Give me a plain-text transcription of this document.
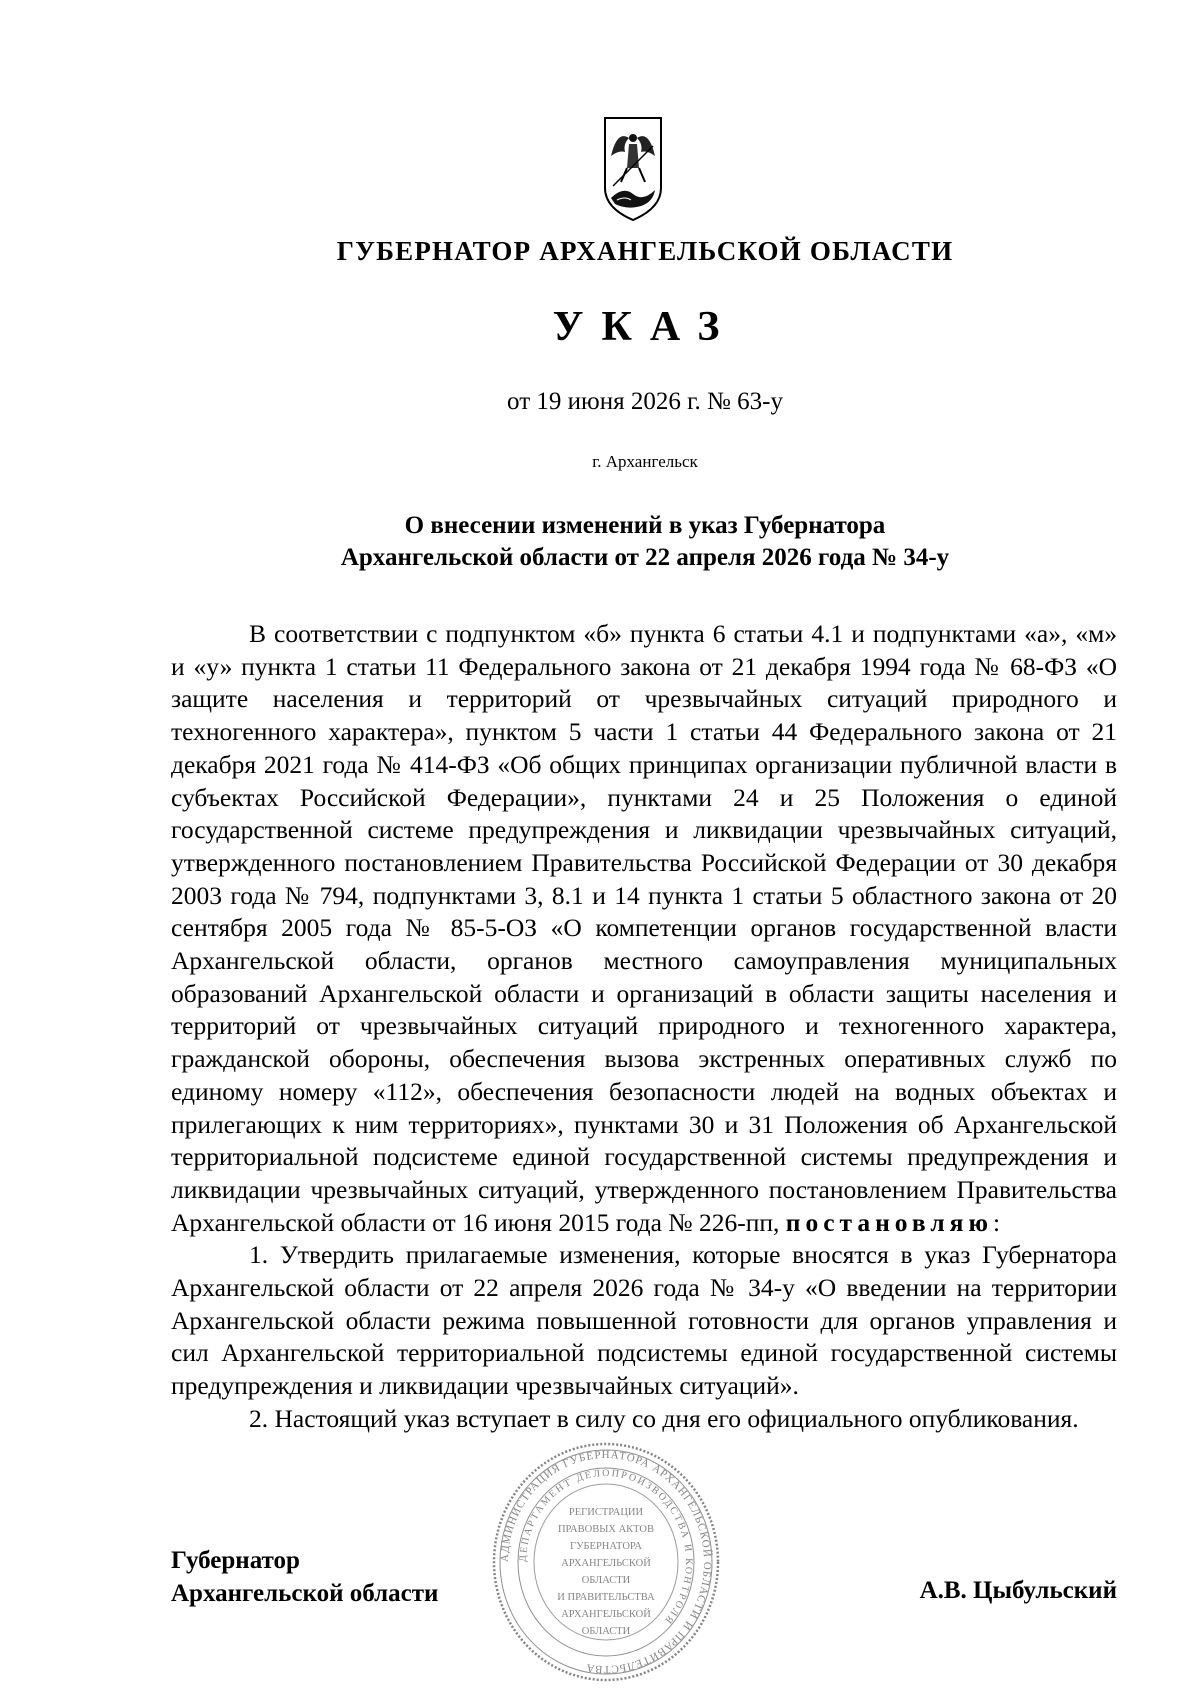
ГУБЕРНАТОР АРХАНГЕЛЬСКОЙ ОБЛАСТИ
УКАЗ
от 19 июня 2026 г. № 63-у
г. Архангельск
О внесении изменений в указ Губернатора
Архангельской области от 22 апреля 2026 года № 34-у

В соответствии с подпунктом «б» пункта 6 статьи 4.1 и подпунктами «а», «м» и «у» пункта 1 статьи 11 Федерального закона от 21 декабря 1994 года № 68-ФЗ «О защите населения и территорий от чрезвычайных ситуаций природного и техногенного характера», пунктом 5 части 1 статьи 44 Федерального закона от 21 декабря 2021 года № 414-ФЗ «Об общих принципах организации публичной власти в субъектах Российской Федерации», пунктами 24 и 25 Положения о единой государственной системе предупреждения и ликвидации чрезвычайных ситуаций, утвержденного постановлением Правительства Российской Федерации от 30 декабря 2003 года № 794, подпунктами 3, 8.1 и 14 пункта 1 статьи 5 областного закона от 20 сентября 2005 года № 85-5-ОЗ «О компетенции органов государственной власти Архангельской области, органов местного самоуправления муниципальных образований Архангельской области и организаций в области защиты населения и территорий от чрезвычайных ситуаций природного и техногенного характера, гражданской обороны, обеспечения вызова экстренных оперативных служб по единому номеру «112», обеспечения безопасности людей на водных объектах и прилегающих к ним территориях», пунктами 30 и 31 Положения об Архангельской территориальной подсистеме единой государственной системы предупреждения и ликвидации чрезвычайных ситуаций, утвержденного постановлением Правительства Архангельской области от 16 июня 2015 года № 226-пп, постановляю:

1. Утвердить прилагаемые изменения, которые вносятся в указ Губернатора Архангельской области от 22 апреля 2026 года № 34-у «О введении на территории Архангельской области режима повышенной готовности для органов управления и сил Архангельской территориальной подсистемы единой государственной системы предупреждения и ликвидации чрезвычайных ситуаций».

2. Настоящий указ вступает в силу со дня его официального опубликования.

Губернатор
Архангельской области	А.В. Цыбульский
АДМИНИСТРАЦИЯ ГУБЕРНАТОРА АРХАНГЕЛЬСКОЙ ОБЛАСТИ И ПРАВИТЕЛЬСТВА
ДЕПАРТАМЕНТ ДЕЛОПРОИЗВОДСТВА И КОНТРОЛЯ
РЕГИСТРАЦИИ
ПРАВОВЫХ АКТОВ
ГУБЕРНАТОРА
АРХАНГЕЛЬСКОЙ
ОБЛАСТИ
И ПРАВИТЕЛЬСТВА
АРХАНГЕЛЬСКОЙ
ОБЛАСТИ
